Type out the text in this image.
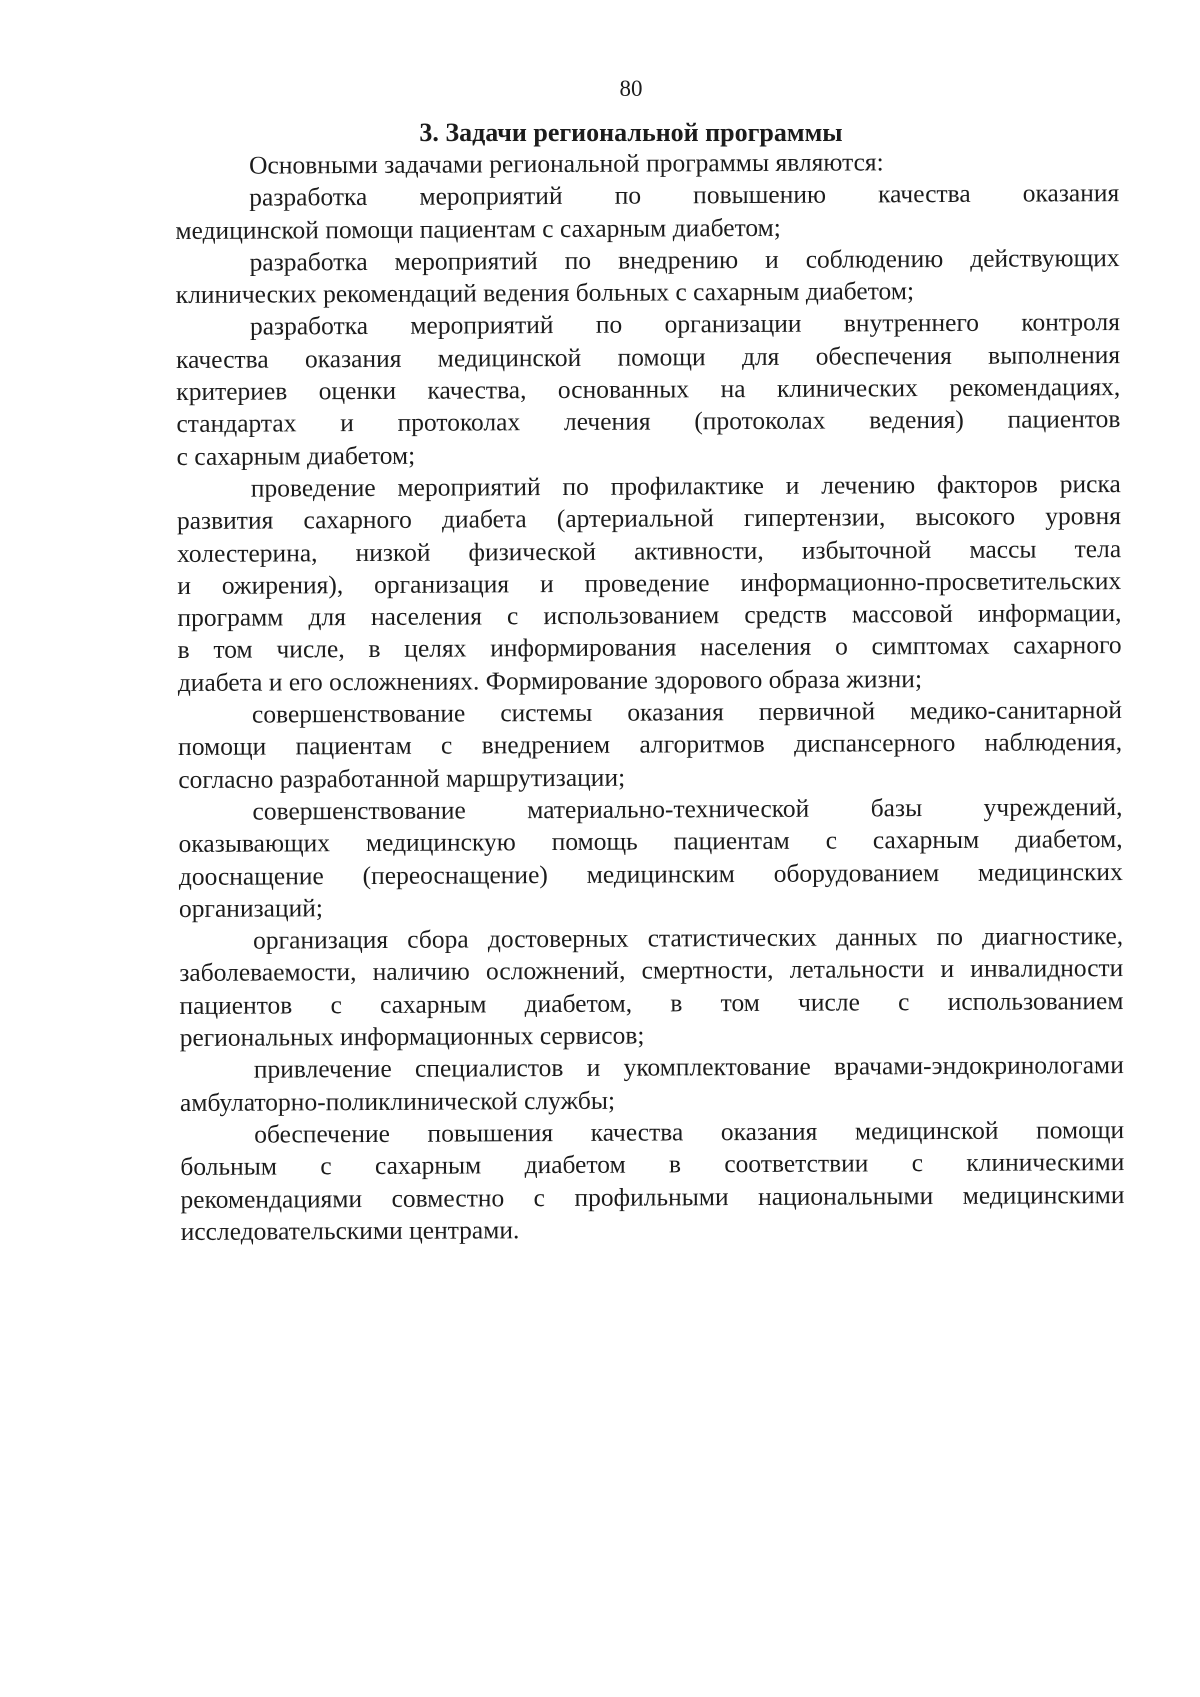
80
3. Задачи региональной программы
Основными задачами региональной программы являются:
разработка мероприятий по повышению качества оказания
медицинской помощи пациентам с сахарным диабетом;
разработка мероприятий по внедрению и соблюдению действующих
клинических рекомендаций ведения больных с сахарным диабетом;
разработка мероприятий по организации внутреннего контроля
качества оказания медицинской помощи для обеспечения выполнения
критериев оценки качества, основанных на клинических рекомендациях,
стандартах и протоколах лечения (протоколах ведения) пациентов
с сахарным диабетом;
проведение мероприятий по профилактике и лечению факторов риска
развития сахарного диабета (артериальной гипертензии, высокого уровня
холестерина, низкой физической активности, избыточной массы тела
и ожирения), организация и проведение информационно-просветительских
программ для населения с использованием средств массовой информации,
в том числе, в целях информирования населения о симптомах сахарного
диабета и его осложнениях. Формирование здорового образа жизни;
совершенствование системы оказания первичной медико-санитарной
помощи пациентам с внедрением алгоритмов диспансерного наблюдения,
согласно разработанной маршрутизации;
совершенствование материально-технической базы учреждений,
оказывающих медицинскую помощь пациентам с сахарным диабетом,
дооснащение (переоснащение) медицинским оборудованием медицинских
организаций;
организация сбора достоверных статистических данных по диагностике,
заболеваемости, наличию осложнений, смертности, летальности и инвалидности
пациентов с сахарным диабетом, в том числе с использованием
региональных информационных сервисов;
привлечение специалистов и укомплектование врачами-эндокринологами
амбулаторно-поликлинической службы;
обеспечение повышения качества оказания медицинской помощи
больным с сахарным диабетом в соответствии с клиническими
рекомендациями совместно с профильными национальными медицинскими
исследовательскими центрами.
